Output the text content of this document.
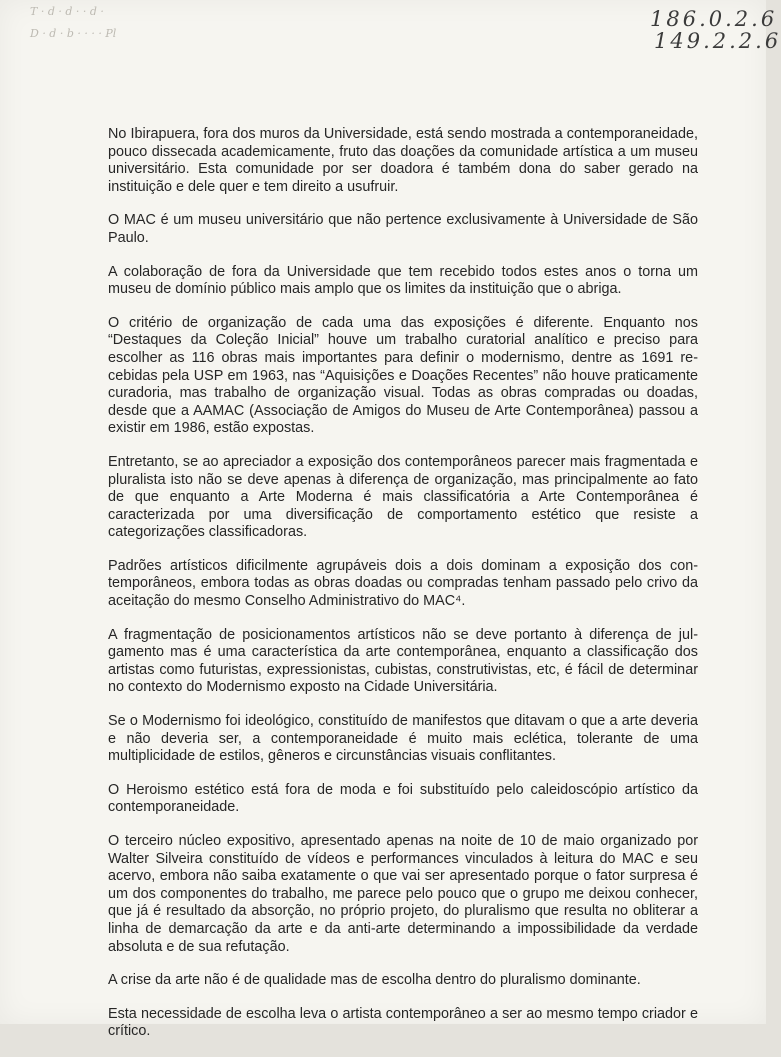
T · d · d · · d ·
D · d · b · · · · Pl
186.0.2.6
149.2.2.6

No Ibirapuera, fora dos muros da Universidade, está sendo mostrada a contemporaneidade, pouco dissecada academicamente, fruto das doações da comunidade artística a um museu universitário. Esta comunidade por ser doadora é também dona do saber gerado na instituição e dele quer e tem direito a usufruir.

O MAC é um museu universitário que não pertence exclusivamente à Universidade de São Paulo.

A colaboração de fora da Universidade que tem recebido todos estes anos o torna um museu de domínio público mais amplo que os limites da instituição que o abriga.

O critério de organização de cada uma das exposições é diferente. Enquanto nos “Destaques da Coleção Inicial” houve um trabalho curatorial analítico e preciso para escolher as 116 obras mais importantes para definir o modernismo, dentre as 1691 recebidas pela USP em 1963, nas “Aquisições e Doações Recentes” não houve praticamente curadoria, mas trabalho de organização visual. Todas as obras compradas ou doadas, desde que a AAMAC (Associação de Amigos do Museu de Arte Contemporânea) passou a existir em 1986, estão expostas.

Entretanto, se ao apreciador a exposição dos contemporâneos parecer mais fragmentada e pluralista isto não se deve apenas à diferença de organização, mas principalmente ao fato de que enquanto a Arte Moderna é mais classificatória a Arte Contemporânea é caracterizada por uma diversificação de comportamento estético que resiste a categorizações classificadoras.

Padrões artísticos dificilmente agrupáveis dois a dois dominam a exposição dos contemporâneos, embora todas as obras doadas ou compradas tenham passado pelo crivo da aceitação do mesmo Conselho Administrativo do MAC⁴.

A fragmentação de posicionamentos artísticos não se deve portanto à diferença de julgamento mas é uma característica da arte contemporânea, enquanto a classificação dos artistas como futuristas, expressionistas, cubistas, construtivistas, etc, é fácil de determinar no contexto do Modernismo exposto na Cidade Universitária.

Se o Modernismo foi ideológico, constituído de manifestos que ditavam o que a arte deveria e não deveria ser, a contemporaneidade é muito mais eclética, tolerante de uma multiplicidade de estilos, gêneros e circunstâncias visuais conflitantes.

O Heroismo estético está fora de moda e foi substituído pelo caleidoscópio artístico da contemporaneidade.

O terceiro núcleo expositivo, apresentado apenas na noite de 10 de maio organizado por Walter Silveira constituído de vídeos e performances vinculados à leitura do MAC e seu acervo, embora não saiba exatamente o que vai ser apresentado porque o fator surpresa é um dos componentes do trabalho, me parece pelo pouco que o grupo me deixou conhecer, que já é resultado da absorção, no próprio projeto, do pluralismo que resulta no obliterar a linha de demarcação da arte e da anti-arte determinando a impossibilidade da verdade absoluta e de sua refutação.

A crise da arte não é de qualidade mas de escolha dentro do pluralismo dominante.

Esta necessidade de escolha leva o artista contemporâneo a ser ao mesmo tempo criador e crítico.
